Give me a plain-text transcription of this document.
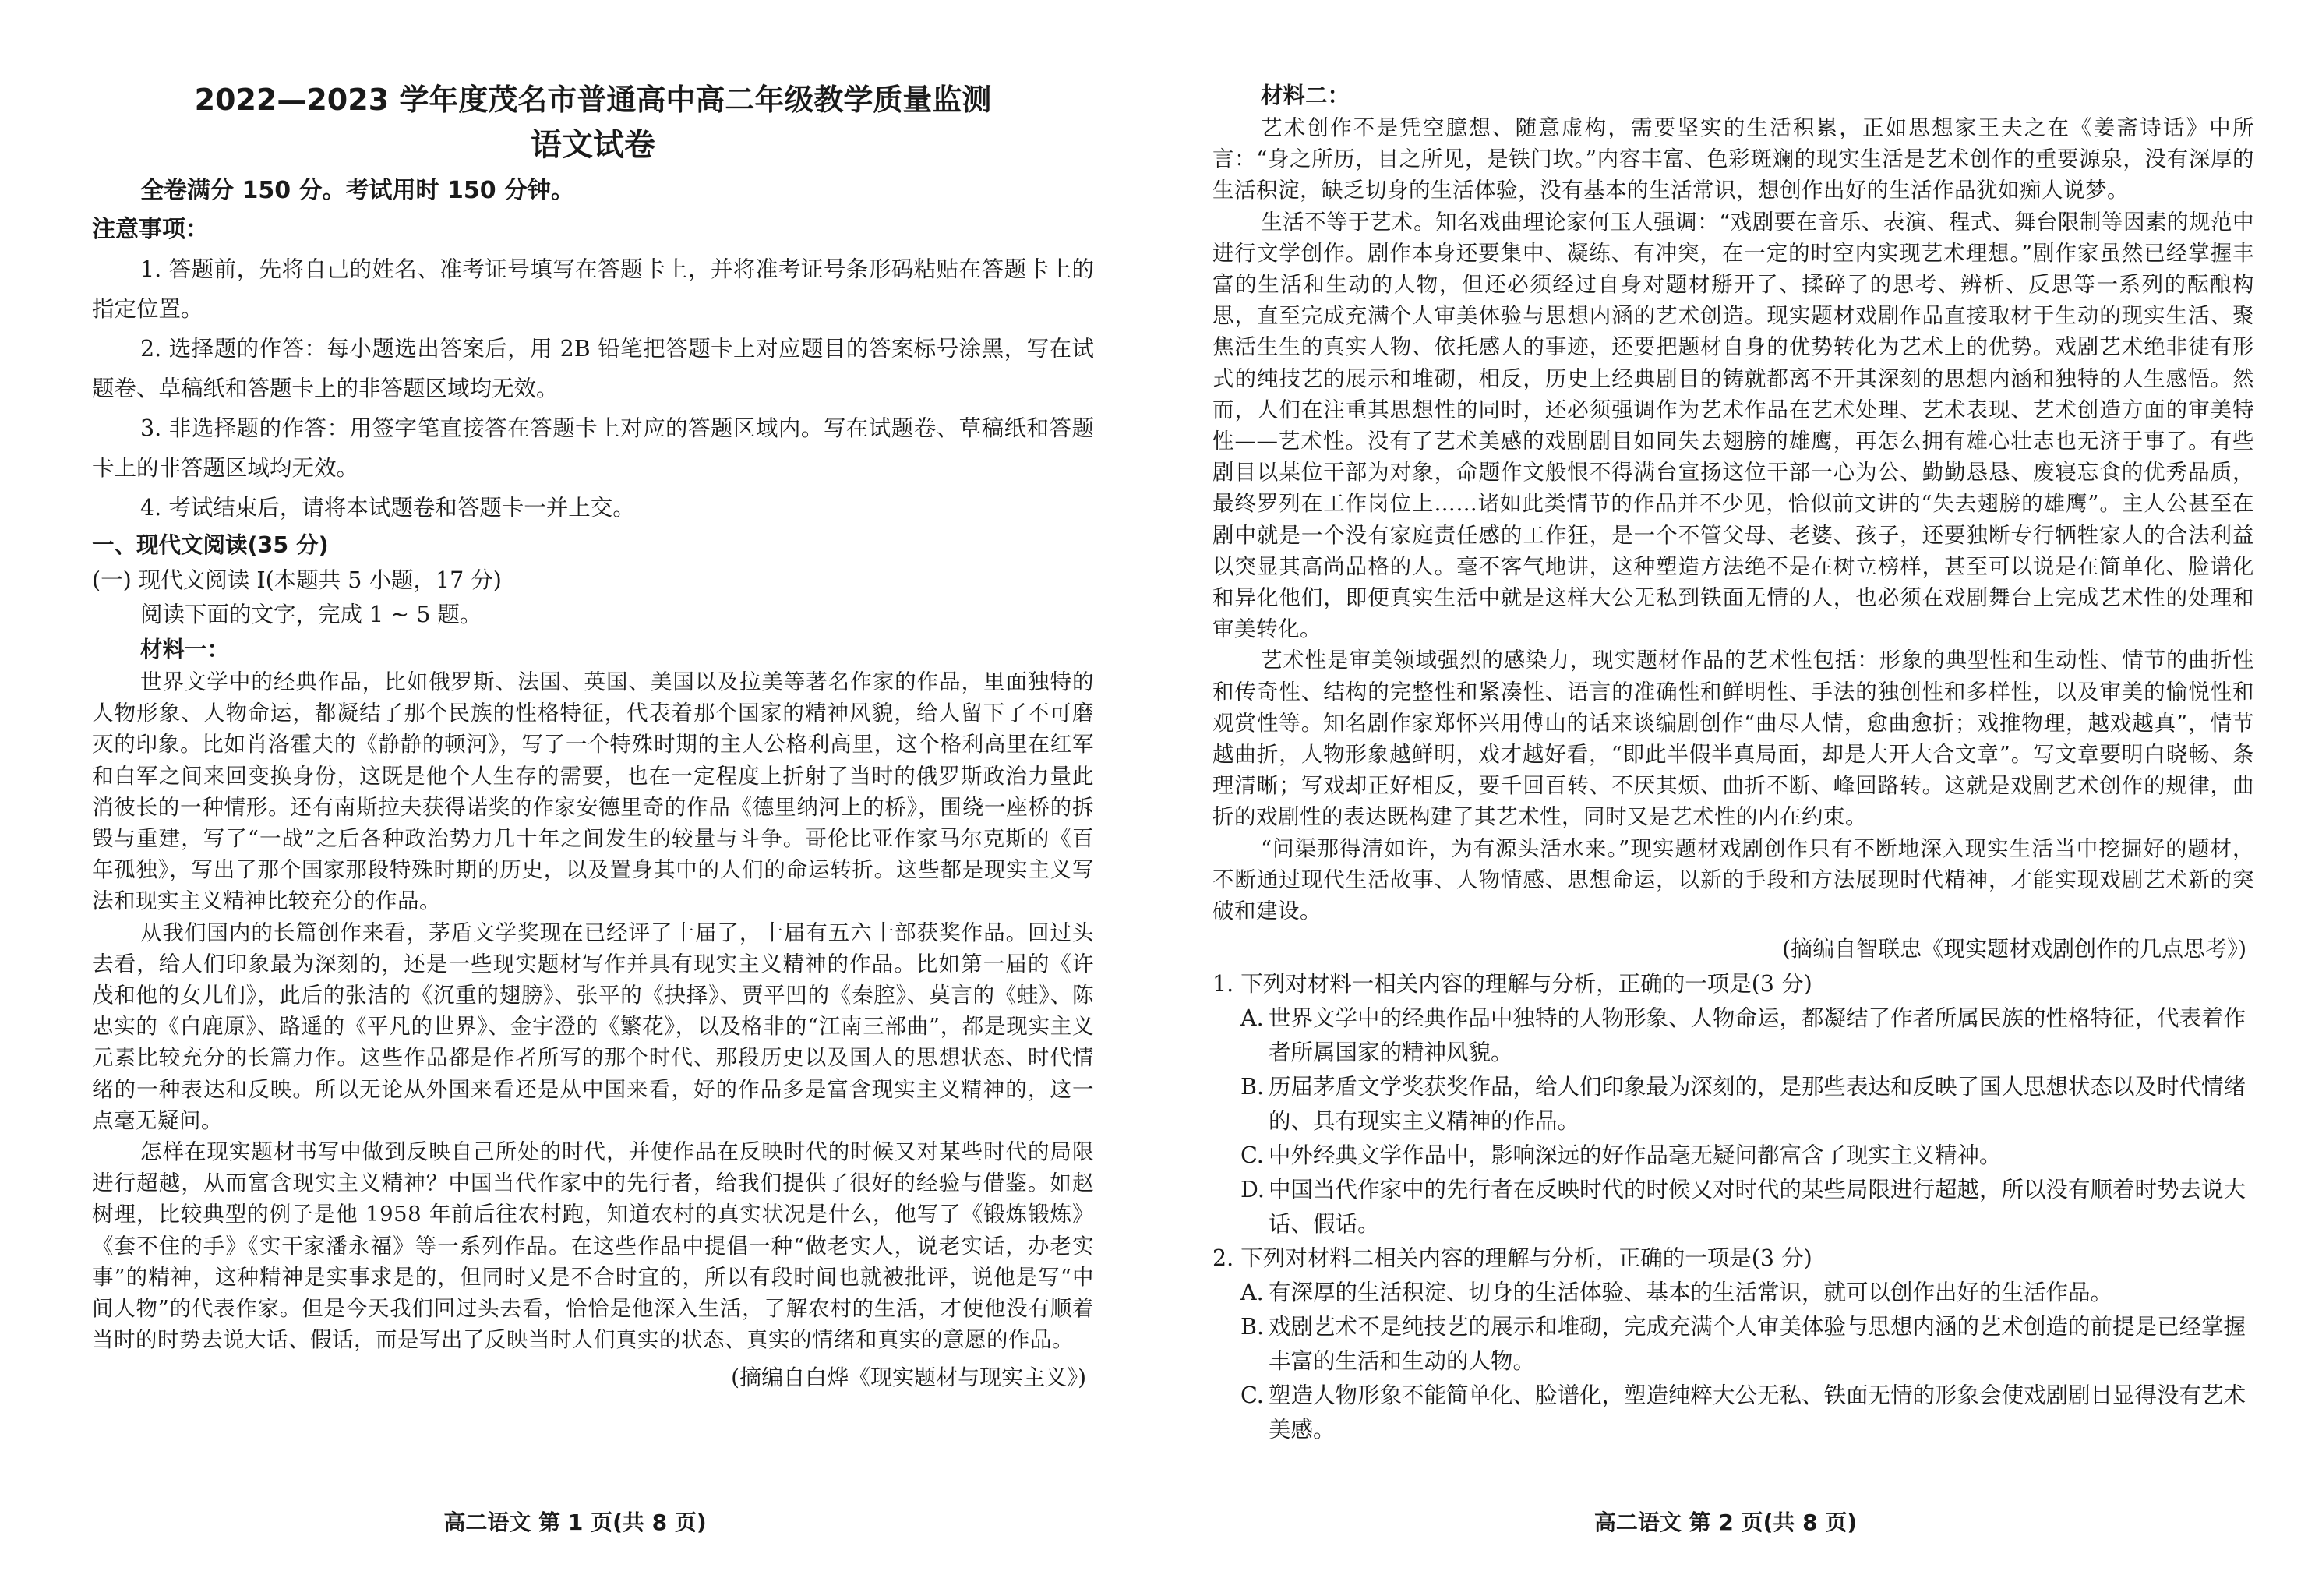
2022—2023 学年度茂名市普通高中高二年级教学质量监测
语文试卷

全卷满分 150 分。考试用时 150 分钟。

注意事项：

1. 答题前，先将自己的姓名、准考证号填写在答题卡上，并将准考证号条形码粘贴在答题卡上的指定位置。

2. 选择题的作答：每小题选出答案后，用 2B 铅笔把答题卡上对应题目的答案标号涂黑，写在试题卷、草稿纸和答题卡上的非答题区域均无效。

3. 非选择题的作答：用签字笔直接答在答题卡上对应的答题区域内。写在试题卷、草稿纸和答题卡上的非答题区域均无效。

4. 考试结束后，请将本试题卷和答题卡一并上交。

一、现代文阅读(35 分)

(一) 现代文阅读 Ⅰ(本题共 5 小题，17 分)

阅读下面的文字，完成 1 ~ 5 题。

材料一：

世界文学中的经典作品，比如俄罗斯、法国、英国、美国以及拉美等著名作家的作品，里面独特的人物形象、人物命运，都凝结了那个民族的性格特征，代表着那个国家的精神风貌，给人留下了不可磨灭的印象。比如肖洛霍夫的《静静的顿河》，写了一个特殊时期的主人公格利高里，这个格利高里在红军和白军之间来回变换身份，这既是他个人生存的需要，也在一定程度上折射了当时的俄罗斯政治力量此消彼长的一种情形。还有南斯拉夫获得诺奖的作家安德里奇的作品《德里纳河上的桥》，围绕一座桥的拆毁与重建，写了“一战”之后各种政治势力几十年之间发生的较量与斗争。哥伦比亚作家马尔克斯的《百年孤独》，写出了那个国家那段特殊时期的历史，以及置身其中的人们的命运转折。这些都是现实主义写法和现实主义精神比较充分的作品。

从我们国内的长篇创作来看，茅盾文学奖现在已经评了十届了，十届有五六十部获奖作品。回过头去看，给人们印象最为深刻的，还是一些现实题材写作并具有现实主义精神的作品。比如第一届的《许茂和他的女儿们》，此后的张洁的《沉重的翅膀》、张平的《抉择》、贾平凹的《秦腔》、莫言的《蛙》、陈忠实的《白鹿原》、路遥的《平凡的世界》、金宇澄的《繁花》，以及格非的“江南三部曲”，都是现实主义元素比较充分的长篇力作。这些作品都是作者所写的那个时代、那段历史以及国人的思想状态、时代情绪的一种表达和反映。所以无论从外国来看还是从中国来看，好的作品多是富含现实主义精神的，这一点毫无疑问。

怎样在现实题材书写中做到反映自己所处的时代，并使作品在反映时代的时候又对某些时代的局限进行超越，从而富含现实主义精神？中国当代作家中的先行者，给我们提供了很好的经验与借鉴。如赵树理，比较典型的例子是他 1958 年前后往农村跑，知道农村的真实状况是什么，他写了《锻炼锻炼》《套不住的手》《实干家潘永福》等一系列作品。在这些作品中提倡一种“做老实人，说老实话，办老实事”的精神，这种精神是实事求是的，但同时又是不合时宜的，所以有段时间也就被批评，说他是写“中间人物”的代表作家。但是今天我们回过头去看，恰恰是他深入生活，了解农村的生活，才使他没有顺着当时的时势去说大话、假话，而是写出了反映当时人们真实的状态、真实的情绪和真实的意愿的作品。

(摘编自白烨《现实题材与现实主义》)

高二语文 第 1 页(共 8 页)

材料二：

艺术创作不是凭空臆想、随意虚构，需要坚实的生活积累，正如思想家王夫之在《姜斋诗话》中所言：“身之所历，目之所见，是铁门坎。”内容丰富、色彩斑斓的现实生活是艺术创作的重要源泉，没有深厚的生活积淀，缺乏切身的生活体验，没有基本的生活常识，想创作出好的生活作品犹如痴人说梦。

生活不等于艺术。知名戏曲理论家何玉人强调：“戏剧要在音乐、表演、程式、舞台限制等因素的规范中进行文学创作。剧作本身还要集中、凝练、有冲突，在一定的时空内实现艺术理想。”剧作家虽然已经掌握丰富的生活和生动的人物，但还必须经过自身对题材掰开了、揉碎了的思考、辨析、反思等一系列的酝酿构思，直至完成充满个人审美体验与思想内涵的艺术创造。现实题材戏剧作品直接取材于生动的现实生活、聚焦活生生的真实人物、依托感人的事迹，还要把题材自身的优势转化为艺术上的优势。戏剧艺术绝非徒有形式的纯技艺的展示和堆砌，相反，历史上经典剧目的铸就都离不开其深刻的思想内涵和独特的人生感悟。然而，人们在注重其思想性的同时，还必须强调作为艺术作品在艺术处理、艺术表现、艺术创造方面的审美特性——艺术性。没有了艺术美感的戏剧剧目如同失去翅膀的雄鹰，再怎么拥有雄心壮志也无济于事了。有些剧目以某位干部为对象，命题作文般恨不得满台宣扬这位干部一心为公、勤勤恳恳、废寝忘食的优秀品质，最终罗列在工作岗位上……诸如此类情节的作品并不少见，恰似前文讲的“失去翅膀的雄鹰”。主人公甚至在剧中就是一个没有家庭责任感的工作狂，是一个不管父母、老婆、孩子，还要独断专行牺牲家人的合法利益以突显其高尚品格的人。毫不客气地讲，这种塑造方法绝不是在树立榜样，甚至可以说是在简单化、脸谱化和异化他们，即便真实生活中就是这样大公无私到铁面无情的人，也必须在戏剧舞台上完成艺术性的处理和审美转化。

艺术性是审美领域强烈的感染力，现实题材作品的艺术性包括：形象的典型性和生动性、情节的曲折性和传奇性、结构的完整性和紧凑性、语言的准确性和鲜明性、手法的独创性和多样性，以及审美的愉悦性和观赏性等。知名剧作家郑怀兴用傅山的话来谈编剧创作“曲尽人情，愈曲愈折；戏推物理，越戏越真”，情节越曲折，人物形象越鲜明，戏才越好看，“即此半假半真局面，却是大开大合文章”。写文章要明白晓畅、条理清晰；写戏却正好相反，要千回百转、不厌其烦、曲折不断、峰回路转。这就是戏剧艺术创作的规律，曲折的戏剧性的表达既构建了其艺术性，同时又是艺术性的内在约束。

“问渠那得清如许，为有源头活水来。”现实题材戏剧创作只有不断地深入现实生活当中挖掘好的题材，不断通过现代生活故事、人物情感、思想命运，以新的手段和方法展现时代精神，才能实现戏剧艺术新的突破和建设。

(摘编自智联忠《现实题材戏剧创作的几点思考》)

1. 下列对材料一相关内容的理解与分析，正确的一项是(3 分)

A. 世界文学中的经典作品中独特的人物形象、人物命运，都凝结了作者所属民族的性格特征，代表着作者所属国家的精神风貌。
B. 历届茅盾文学奖获奖作品，给人们印象最为深刻的，是那些表达和反映了国人思想状态以及时代情绪的、具有现实主义精神的作品。
C. 中外经典文学作品中，影响深远的好作品毫无疑问都富含了现实主义精神。
D. 中国当代作家中的先行者在反映时代的时候又对时代的某些局限进行超越，所以没有顺着时势去说大话、假话。

2. 下列对材料二相关内容的理解与分析，正确的一项是(3 分)

A. 有深厚的生活积淀、切身的生活体验、基本的生活常识，就可以创作出好的生活作品。
B. 戏剧艺术不是纯技艺的展示和堆砌，完成充满个人审美体验与思想内涵的艺术创造的前提是已经掌握丰富的生活和生动的人物。
C. 塑造人物形象不能简单化、脸谱化，塑造纯粹大公无私、铁面无情的形象会使戏剧剧目显得没有艺术美感。
高二语文 第 2 页(共 8 页)
